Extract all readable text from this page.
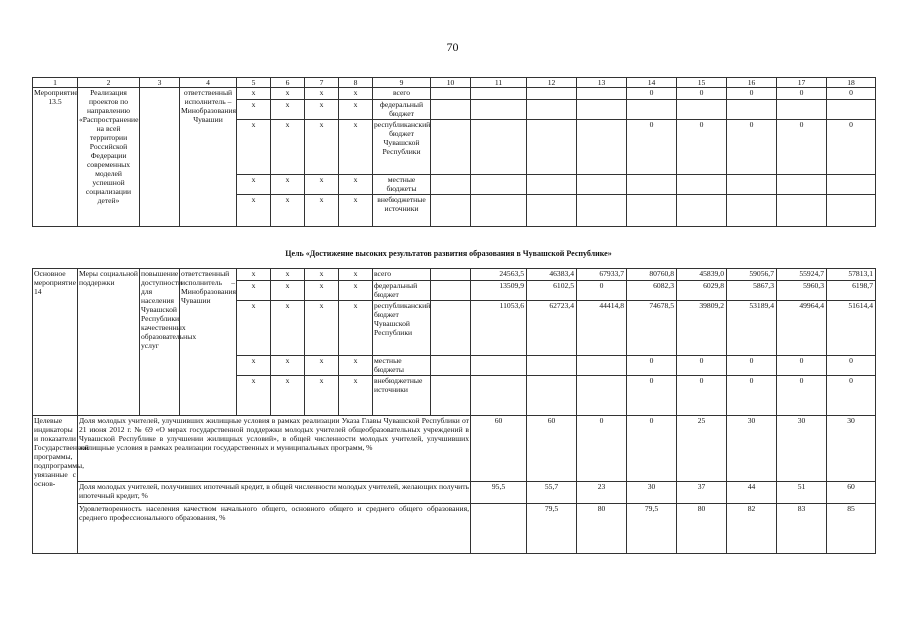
70
1	2	3	4	5	6	7	8	9	10	11	12	13	14	15	16	17	18
Мероприятие 13.5	Реализация проектов по направлению «Распространение на всей территории Российской Федерации современных моделей успешной социализации детей»		ответственный исполнитель – Минобразования Чувашии	x	x	x	x	всего					0	0	0	0	0
				x	x	x	x	федеральный бюджет									
				x	x	x	x	республиканский бюджет Чувашской Республики					0	0	0	0	0
				x	x	x	x	местные бюджеты									
				x	x	x	x	внебюджетные источники									
Цель «Достижение высоких результатов развития образования в Чувашской Республике»
Основное мероприятие 14	Меры социальной поддержки	повышение доступности для населения Чувашской Республики качественных образовательных услуг	ответственный исполнитель – Минобразования Чувашии	x	x	x	x	всего		24563,5	46383,4	67933,7	80760,8	45839,0	59056,7	55924,7	57813,1
				x	x	x	x	федеральный бюджет		13509,9	6102,5	0	6082,3	6029,8	5867,3	5960,3	6198,7
				x	x	x	x	республиканский бюджет Чувашской Республики		11053,6	62723,4	44414,8	74678,5	39809,2	53189,4	49964,4	51614,4
				x	x	x	x	местные бюджеты					0	0	0	0	0
				x	x	x	x	внебюджетные источники					0	0	0	0	0
Целевые индикаторы и показатели Государственной программы, подпрограммы, увязанные с основ-	Доля молодых учителей, улучшивших жилищные условия в рамках реализации Указа Главы Чувашской Республики от 21 июня 2012 г. № 69 «О мерах государственной поддержки молодых учителей общеобразовательных учреждений в Чувашской Республике в улучшении жилищных условий», в общей численности молодых учителей, улучшивших жилищные условия в рамках реализации государственных и муниципальных программ, %									60	60	0	0	25	30	30	30
	Доля молодых учителей, получивших ипотечный кредит, в общей численности молодых учителей, желающих получить ипотечный кредит, %									95,5	55,7	23	30	37	44	51	60
	Удовлетворенность населения качеством начального общего, основного общего и среднего общего образования, среднего профессионального образования, %										79,5	80	79,5	80	82	83	85
